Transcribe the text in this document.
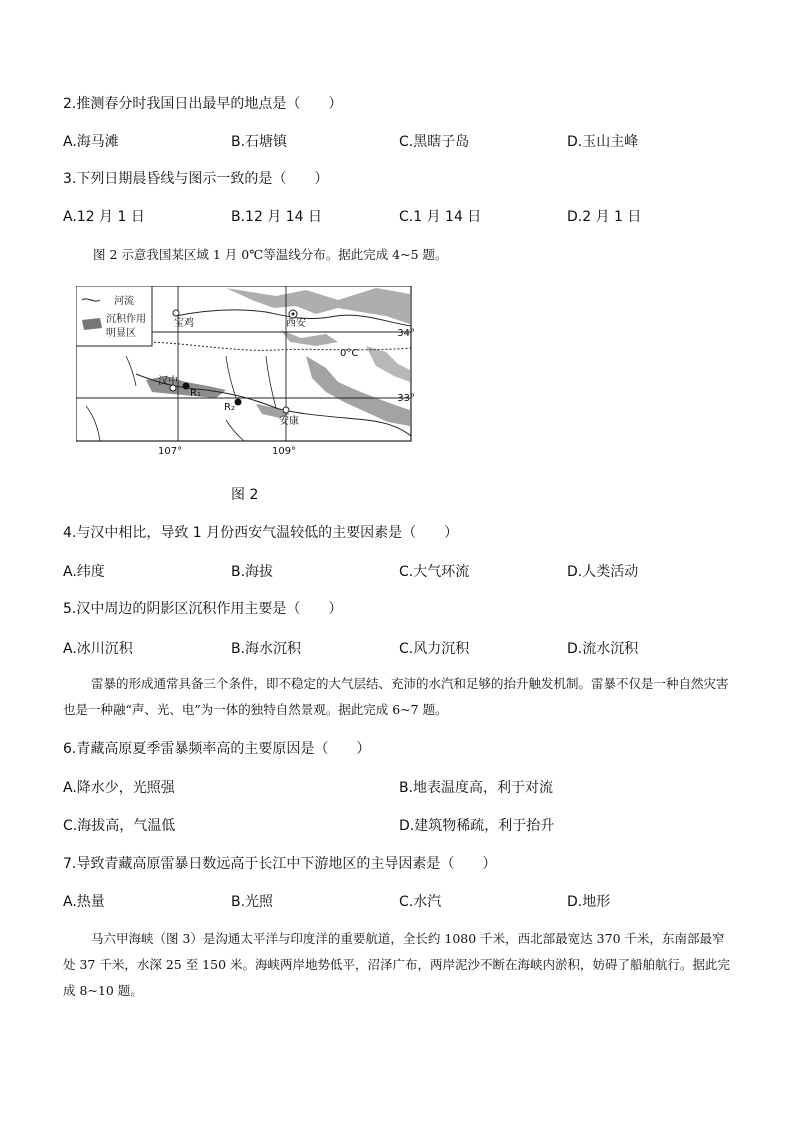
2.推测春分时我国日出最早的地点是（　　）
A.海马滩	B.石塘镇	C.黑瞎子岛	D.玉山主峰
3.下列日期晨昏线与图示一致的是（　　）
A.12 月 1 日	B.12 月 14 日	C.1 月 14 日	D.2 月 1 日
图 2 示意我国某区域 1 月 0℃等温线分布。据此完成 4~5 题。
河流
沉积作用
明显区
宝鸡	西安
汉中
R₁
R₂
安康
0°C
34°
33°
107°	109°
图 2
4.与汉中相比，导致 1 月份西安气温较低的主要因素是（　　）
A.纬度	B.海拔	C.大气环流	D.人类活动
5.汉中周边的阴影区沉积作用主要是（　　）
A.冰川沉积	B.海水沉积	C.风力沉积	D.流水沉积
雷暴的形成通常具备三个条件，即不稳定的大气层结、充沛的水汽和足够的抬升触发机制。雷暴不仅是一种自然灾害也是一种融“声、光、电”为一体的独特自然景观。据此完成 6~7 题。
6.青藏高原夏季雷暴频率高的主要原因是（　　）
A.降水少，光照强	B.地表温度高，利于对流
C.海拔高，气温低	D.建筑物稀疏，利于抬升
7.导致青藏高原雷暴日数远高于长江中下游地区的主导因素是（　　）
A.热量	B.光照	C.水汽	D.地形
马六甲海峡（图 3）是沟通太平洋与印度洋的重要航道，全长约 1080 千米，西北部最宽达 370 千米，东南部最窄处 37 千米，水深 25 至 150 米。海峡两岸地势低平，沼泽广布，两岸泥沙不断在海峡内淤积，妨碍了船舶航行。据此完成 8~10 题。
